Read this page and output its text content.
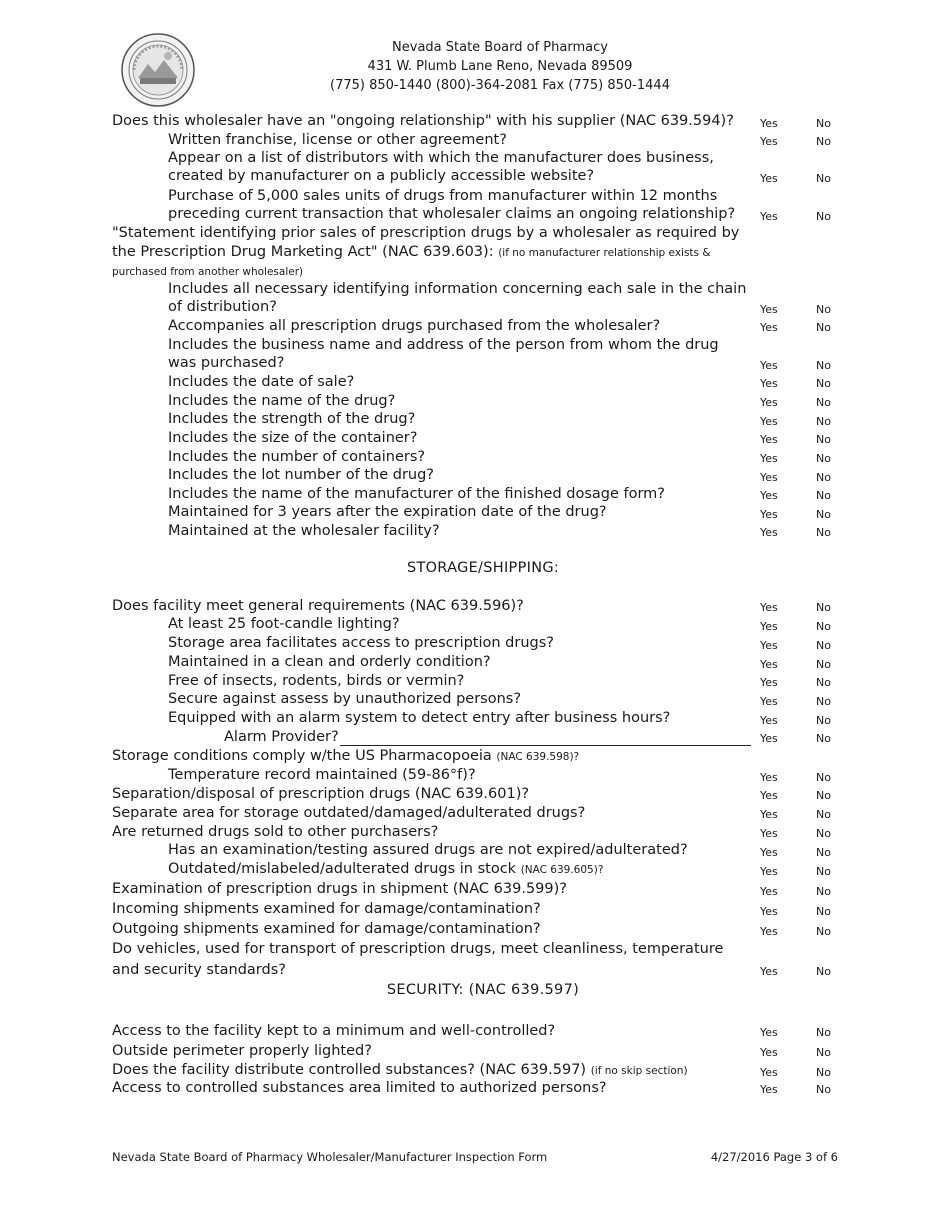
Nevada State Board of Pharmacy
431 W. Plumb Lane Reno, Nevada 89509
(775) 850-1440 (800)-364-2081 Fax (775) 850-1444
Does this wholesaler have an "ongoing relationship" with his supplier (NAC 639.594)? Yes	No
Written franchise, license or other agreement?	Yes	No
Appear on a list of distributors with which the manufacturer does business,
created by manufacturer on a publicly accessible website?	Yes	No
Purchase of 5,000 sales units of drugs from manufacturer within 12 months
preceding current transaction that wholesaler claims an ongoing relationship? Yes	No
"Statement identifying prior sales of prescription drugs by a wholesaler as required by
the Prescription Drug Marketing Act" (NAC 639.603): (if no manufacturer relationship exists &
purchased from another wholesaler)
Includes all necessary identifying information concerning each sale in the chain
of distribution?	Yes	No
Accompanies all prescription drugs purchased from the wholesaler?	Yes	No
Includes the business name and address of the person from whom the drug
was purchased?	Yes	No
Includes the date of sale?	Yes	No
Includes the name of the drug?	Yes	No
Includes the strength of the drug?	Yes	No
Includes the size of the container?	Yes	No
Includes the number of containers?	Yes	No
Includes the lot number of the drug?	Yes	No
Includes the name of the manufacturer of the finished dosage form?	Yes	No
Maintained for 3 years after the expiration date of the drug?	Yes	No
Maintained at the wholesaler facility?	Yes	No
STORAGE/SHIPPING:
Does facility meet general requirements (NAC 639.596)?	Yes	No
At least 25 foot-candle lighting?	Yes	No
Storage area facilitates access to prescription drugs?	Yes	No
Maintained in a clean and orderly condition?	Yes	No
Free of insects, rodents, birds or vermin?	Yes	No
Secure against assess by unauthorized persons?	Yes	No
Equipped with an alarm system to detect entry after business hours?	Yes	No
Alarm Provider?	Yes	No
Storage conditions comply w/the US Pharmacopoeia (NAC 639.598)?
Temperature record maintained (59-86°f)?	Yes	No
Separation/disposal of prescription drugs (NAC 639.601)?	Yes	No
Separate area for storage outdated/damaged/adulterated drugs?	Yes	No
Are returned drugs sold to other purchasers?	Yes	No
Has an examination/testing assured drugs are not expired/adulterated?	Yes	No
Outdated/mislabeled/adulterated drugs in stock (NAC 639.605)?	Yes	No
Examination of prescription drugs in shipment (NAC 639.599)?	Yes	No
Incoming shipments examined for damage/contamination?	Yes	No
Outgoing shipments examined for damage/contamination?	Yes	No
Do vehicles, used for transport of prescription drugs, meet cleanliness, temperature
and security standards?	Yes	No
SECURITY: (NAC 639.597)
Access to the facility kept to a minimum and well-controlled?	Yes	No
Outside perimeter properly lighted?	Yes	No
Does the facility distribute controlled substances? (NAC 639.597) (if no skip section)	Yes	No
Access to controlled substances area limited to authorized persons?	Yes	No
Nevada State Board of Pharmacy Wholesaler/Manufacturer Inspection Form	4/27/2016 Page 3 of 6
